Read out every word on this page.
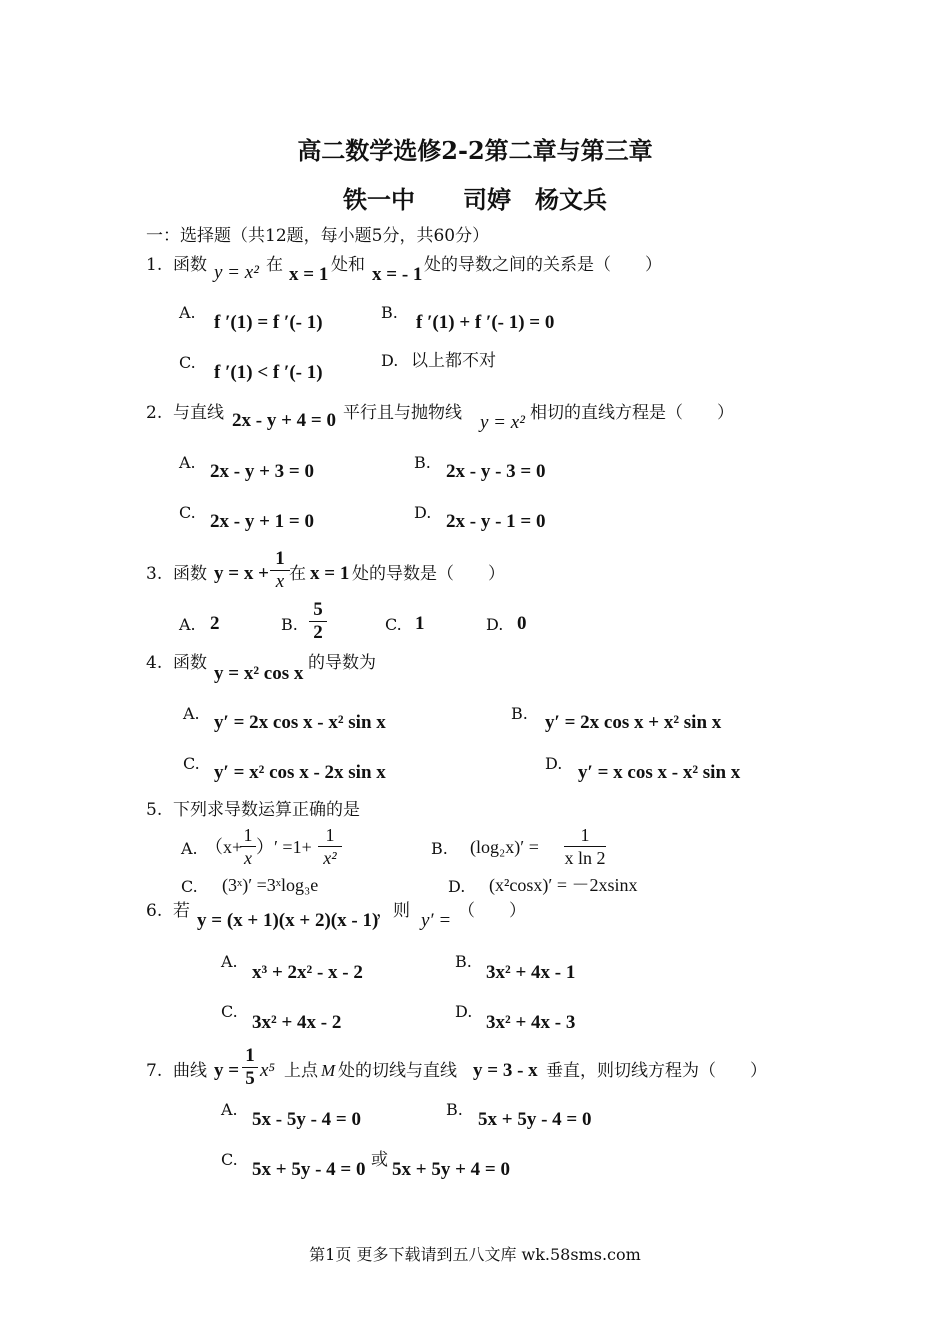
高二数学选修2-2第二章与第三章
铁一中　　司婷　杨文兵
一：选择题（共12题，每小题5分，共60分）
1. 函数 y = x² 在 x = 1 处和 x = - 1 处的导数之间的关系是（　　）
A. f ′(1) = f ′(- 1)	B. f ′(1) + f ′(- 1) = 0
C. f ′(1) < f ′(- 1)
D. 以上都不对
2. 与直线 2x - y + 4 = 0 平行且与抛物线 y = x² 相切的直线方程是（　　）
A. 2x - y + 3 = 0	B. 2x - y - 3 = 0
C. 2x - y + 1 = 0	D. 2x - y - 1 = 0
3. 函数 y = x +
1
x 在 x = 1 处的导数是（　　）
A. 2	B.
5
2	C. 1	D. 0
4. 函数 y = x² cos x 的导数为
A. y′ = 2x cos x - x² sin x	B. y′ = 2x cos x + x² sin x
C. y′ = x² cos x - 2x sin x	D. y′ = x cos x - x² sin x
5. 下列求导数运算正确的是
A. （x+
1
x
）′ =1+
1
x²	B. (log₂x)′ =
1
x ln 2
C. (3ˣ)′ =3ˣlog₃e	D. (x²cosx)′ = －2xsinx
6. 若 y = (x + 1)(x + 2)(x - 1)
，则 y′ = （　　）
A.
x³ + 2x² - x - 2
B.
3x² + 4x - 1
C.
3x² + 4x - 2
D.
3x² + 4x - 3
7. 曲线 y =
1
5 x⁵ 上点 M 处的切线与直线 y = 3 - x 垂直，则切线方程为（　　）
A. 5x - 5y - 4 = 0	B. 5x + 5y - 4 = 0
C. 5x + 5y - 4 = 0 或 5x + 5y + 4 = 0
第1页 更多下载请到五八文库 wk.58sms.com
